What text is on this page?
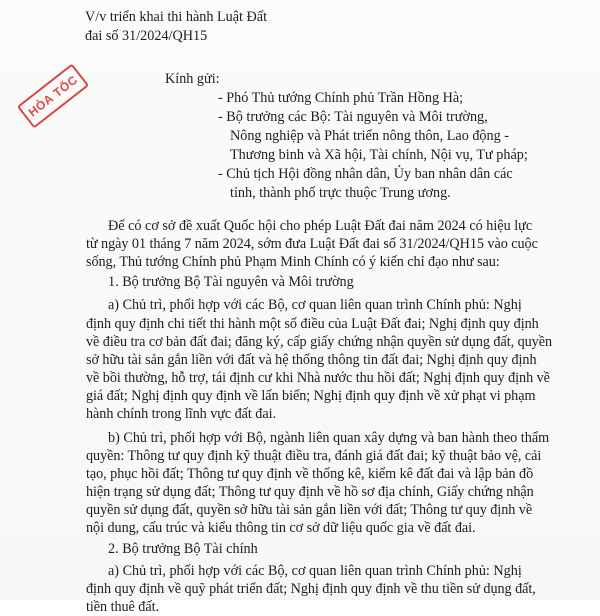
V/v triển khai thi hành Luật Đất
đai số 31/2024/QH15
HỎA TỐC	Kính gửi:
- Phó Thủ tướng Chính phủ Trần Hồng Hà;
- Bộ trưởng các Bộ: Tài nguyên và Môi trường,
Nông nghiệp và Phát triển nông thôn, Lao động -
Thương binh và Xã hội, Tài chính, Nội vụ, Tư pháp;
- Chủ tịch Hội đồng nhân dân, Ủy ban nhân dân các
tỉnh, thành phố trực thuộc Trung ương.
Để có cơ sở đề xuất Quốc hội cho phép Luật Đất đai năm 2024 có hiệu lực
từ ngày 01 tháng 7 năm 2024, sớm đưa Luật Đất đai số 31/2024/QH15 vào cuộc
sống, Thủ tướng Chính phủ Phạm Minh Chính có ý kiến chỉ đạo như sau:
1. Bộ trưởng Bộ Tài nguyên và Môi trường
a) Chủ trì, phối hợp với các Bộ, cơ quan liên quan trình Chính phủ: Nghị
định quy định chi tiết thi hành một số điều của Luật Đất đai; Nghị định quy định
về điều tra cơ bản đất đai; đăng ký, cấp giấy chứng nhận quyền sử dụng đất, quyền
sở hữu tài sản gắn liền với đất và hệ thống thông tin đất đai; Nghị định quy định
về bồi thường, hỗ trợ, tái định cư khi Nhà nước thu hồi đất; Nghị định quy định về
giá đất; Nghị định quy định về lấn biển; Nghị định quy định về xử phạt vi phạm
hành chính trong lĩnh vực đất đai.
b) Chủ trì, phối hợp với Bộ, ngành liên quan xây dựng và ban hành theo thẩm
quyền: Thông tư quy định kỹ thuật điều tra, đánh giá đất đai; kỹ thuật bảo vệ, cải
tạo, phục hồi đất; Thông tư quy định về thống kê, kiểm kê đất đai và lập bản đồ
hiện trạng sử dụng đất; Thông tư quy định về hồ sơ địa chính, Giấy chứng nhận
quyền sử dụng đất, quyền sở hữu tài sản gắn liền với đất; Thông tư quy định về
nội dung, cấu trúc và kiểu thông tin cơ sở dữ liệu quốc gia về đất đai.
2. Bộ trưởng Bộ Tài chính
a) Chủ trì, phối hợp với các Bộ, cơ quan liên quan trình Chính phủ: Nghị
định quy định về quỹ phát triển đất; Nghị định quy định về thu tiền sử dụng đất,
tiền thuê đất.
